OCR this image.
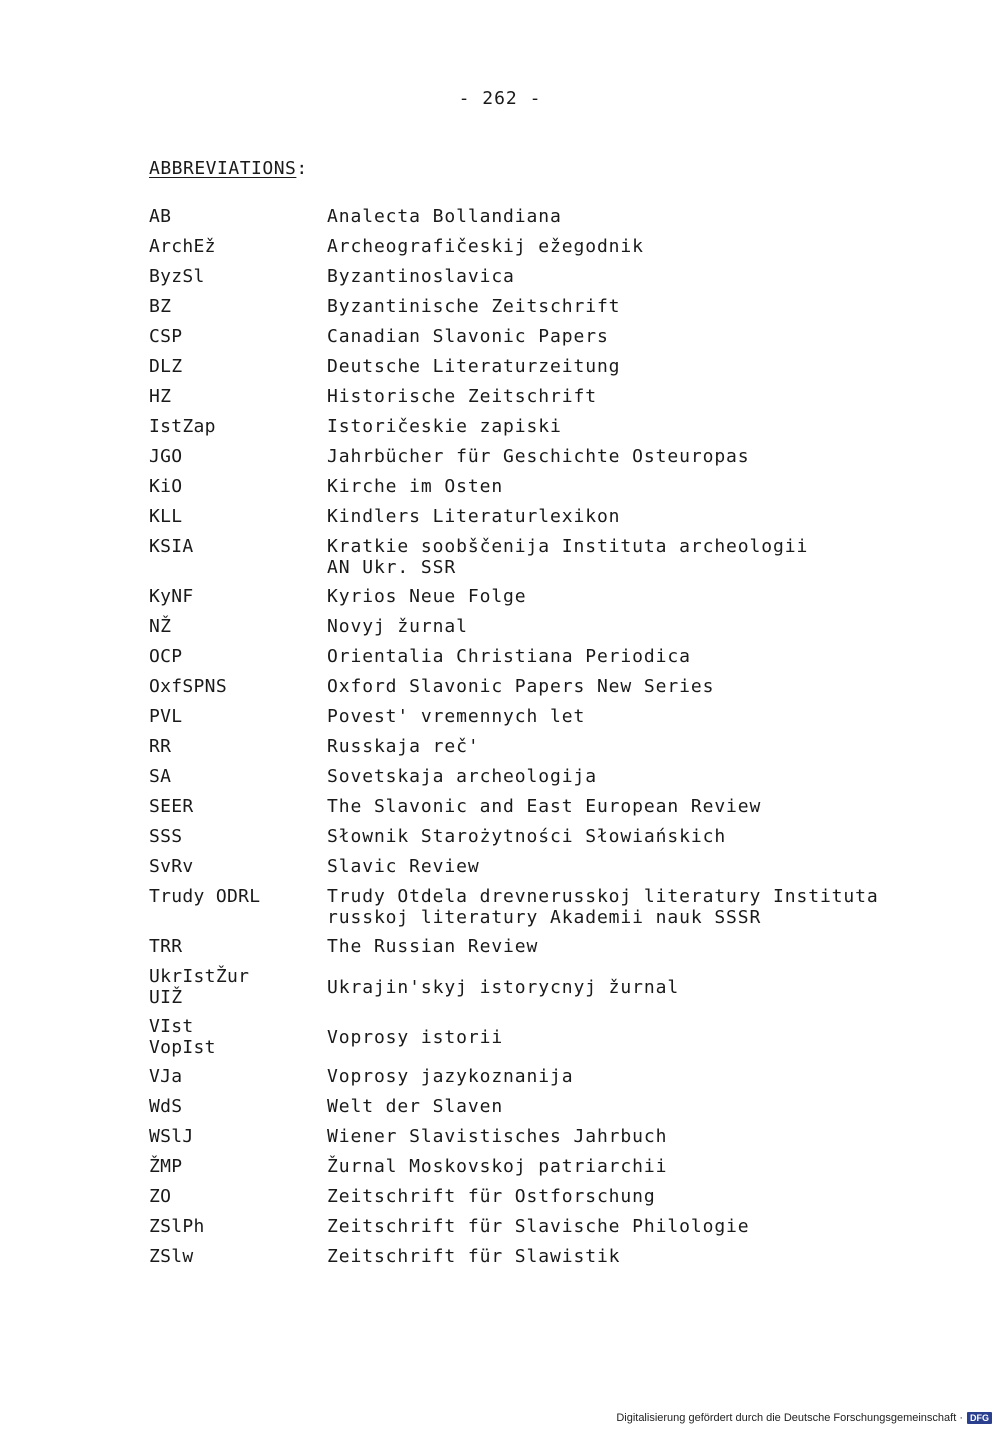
- 262 -
ABBREVIATIONS:
AB	Analecta Bollandiana
ArchEž	Archeografičeskij ežegodnik
ByzSl	Byzantinoslavica
BZ	Byzantinische Zeitschrift
CSP	Canadian Slavonic Papers
DLZ	Deutsche Literaturzeitung
HZ	Historische Zeitschrift
IstZap	Istoričeskie zapiski
JGO	Jahrbücher für Geschichte Osteuropas
KiO	Kirche im Osten
KLL	Kindlers Literaturlexikon
KSIA	Kratkie soobščenija Instituta archeologii
AN Ukr. SSR
KyNF	Kyrios Neue Folge
NŽ	Novyj žurnal
OCP	Orientalia Christiana Periodica
OxfSPNS	Oxford Slavonic Papers New Series
PVL	Povest' vremennych let
RR	Russkaja reč'
SA	Sovetskaja archeologija
SEER	The Slavonic and East European Review
SSS	Słownik Starożytności Słowiańskich
SvRv	Slavic Review
Trudy ODRL	Trudy Otdela drevnerusskoj literatury Instituta
russkoj literatury Akademii nauk SSSR
TRR	The Russian Review
UkrIstŽur
UIŽ	Ukrajin'skyj istorycnyj žurnal
VIst
VopIst	Voprosy istorii
VJa	Voprosy jazykoznanija
WdS	Welt der Slaven
WSlJ	Wiener Slavistisches Jahrbuch
ŽMP	Žurnal Moskovskoj patriarchii
ZO	Zeitschrift für Ostforschung
ZSlPh	Zeitschrift für Slavische Philologie
ZSlw	Zeitschrift für Slawistik
Digitalisierung gefördert durch die Deutsche Forschungsgemeinschaft · DFG
